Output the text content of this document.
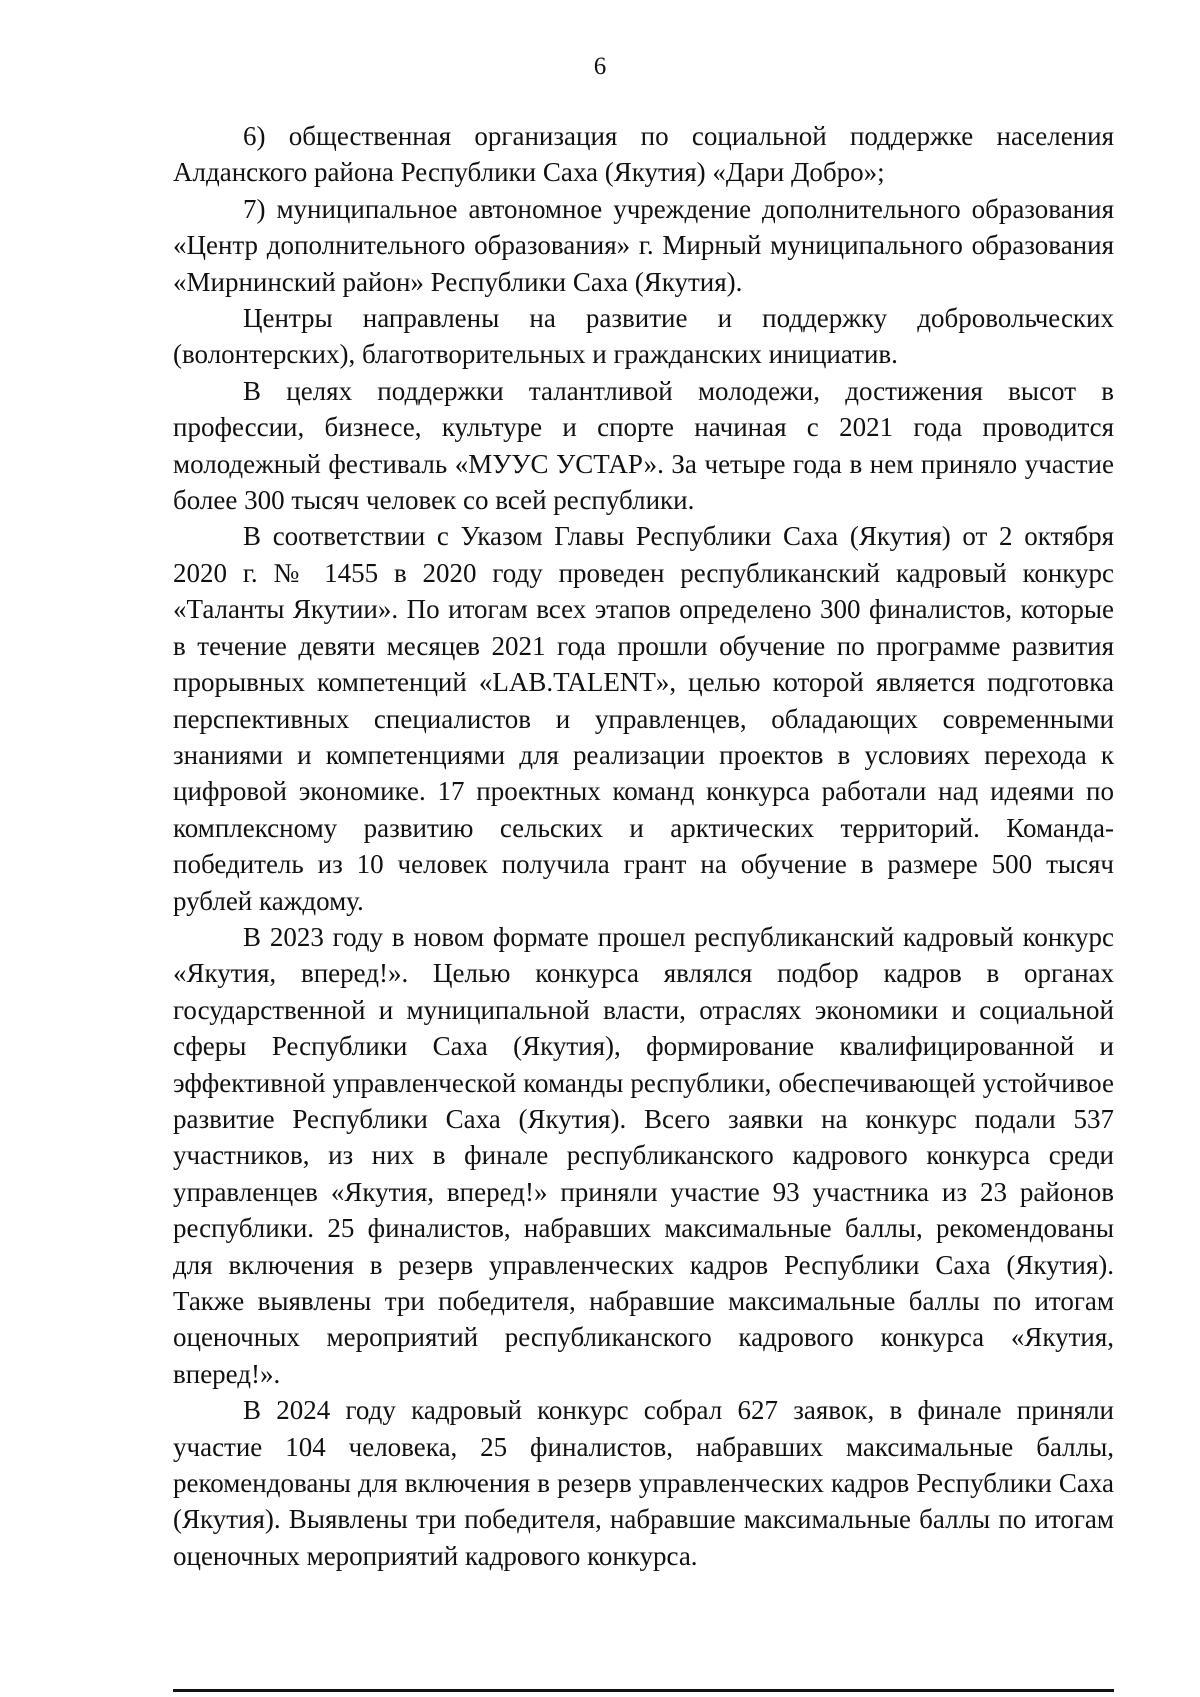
6

6) общественная организация по социальной поддержке населения Алданского района Республики Саха (Якутия) «Дари Добро»;

7) муниципальное автономное учреждение дополнительного образования «Центр дополнительного образования» г. Мирный муниципального образования «Мирнинский район» Республики Саха (Якутия).

Центры направлены на развитие и поддержку добровольческих (волонтерских), благотворительных и гражданских инициатив.

В целях поддержки талантливой молодежи, достижения высот в профессии, бизнесе, культуре и спорте начиная с 2021 года проводится молодежный фестиваль «МУУС УСТАР». За четыре года в нем приняло участие более 300 тысяч человек со всей республики.

В соответствии с Указом Главы Республики Саха (Якутия) от 2 октября 2020 г. № 1455 в 2020 году проведен республиканский кадровый конкурс «Таланты Якутии». По итогам всех этапов определено 300 финалистов, которые в течение девяти месяцев 2021 года прошли обучение по программе развития прорывных компетенций «LAB.TALENT», целью которой является подготовка перспективных специалистов и управленцев, обладающих современными знаниями и компетенциями для реализации проектов в условиях перехода к цифровой экономике. 17 проектных команд конкурса работали над идеями по комплексному развитию сельских и арктических территорий. Команда-победитель из 10 человек получила грант на обучение в размере 500 тысяч рублей каждому.

В 2023 году в новом формате прошел республиканский кадровый конкурс «Якутия, вперед!». Целью конкурса являлся подбор кадров в органах государственной и муниципальной власти, отраслях экономики и социальной сферы Республики Саха (Якутия), формирование квалифицированной и эффективной управленческой команды республики, обеспечивающей устойчивое развитие Республики Саха (Якутия). Всего заявки на конкурс подали 537 участников, из них в финале республиканского кадрового конкурса среди управленцев «Якутия, вперед!» приняли участие 93 участника из 23 районов республики. 25 финалистов, набравших максимальные баллы, рекомендованы для включения в резерв управленческих кадров Республики Саха (Якутия). Также выявлены три победителя, набравшие максимальные баллы по итогам оценочных мероприятий республиканского кадрового конкурса «Якутия, вперед!».

В 2024 году кадровый конкурс собрал 627 заявок, в финале приняли участие 104 человека, 25 финалистов, набравших максимальные баллы, рекомендованы для включения в резерв управленческих кадров Республики Саха (Якутия). Выявлены три победителя, набравшие максимальные баллы по итогам оценочных мероприятий кадрового конкурса.
